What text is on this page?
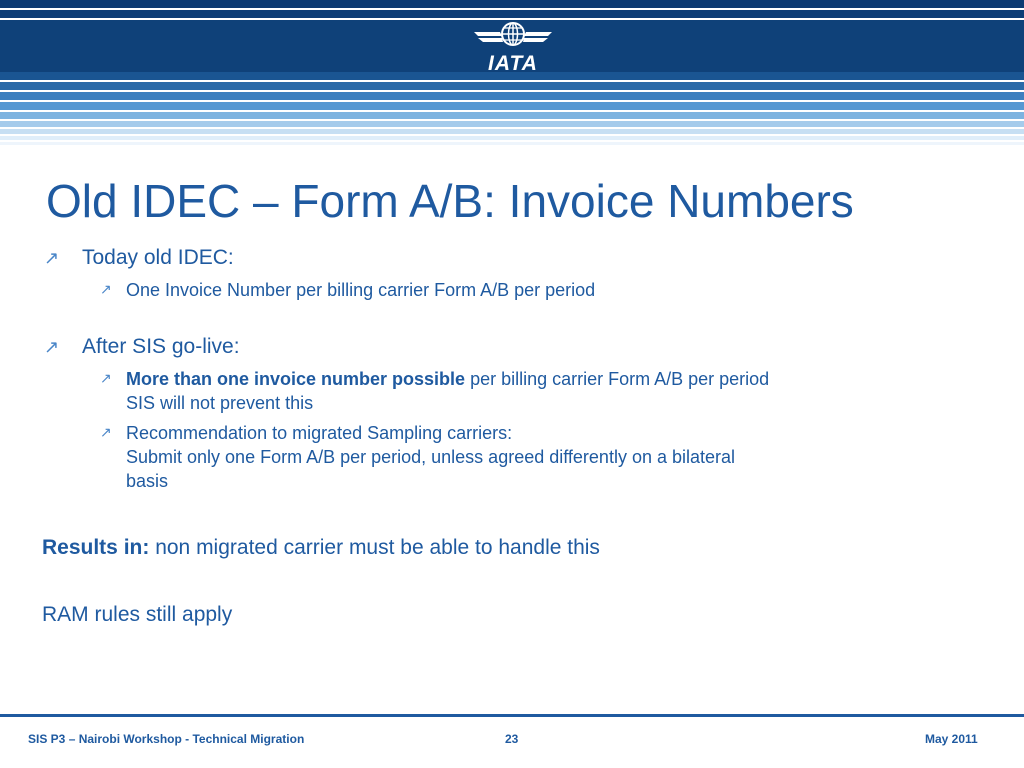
IATA
Old IDEC – Form A/B: Invoice Numbers
↗ Today old IDEC:
↗ One Invoice Number per billing carrier Form A/B per period
↗ After SIS go-live:
↗ More than one invoice number possible per billing carrier Form A/B per period
SIS will not prevent this
↗ Recommendation to migrated Sampling carriers:
Submit only one Form A/B per period, unless agreed differently on a bilateral
basis
Results in: non migrated carrier must be able to handle this
RAM rules still apply
SIS P3 – Nairobi Workshop - Technical Migration	23	May 2011
